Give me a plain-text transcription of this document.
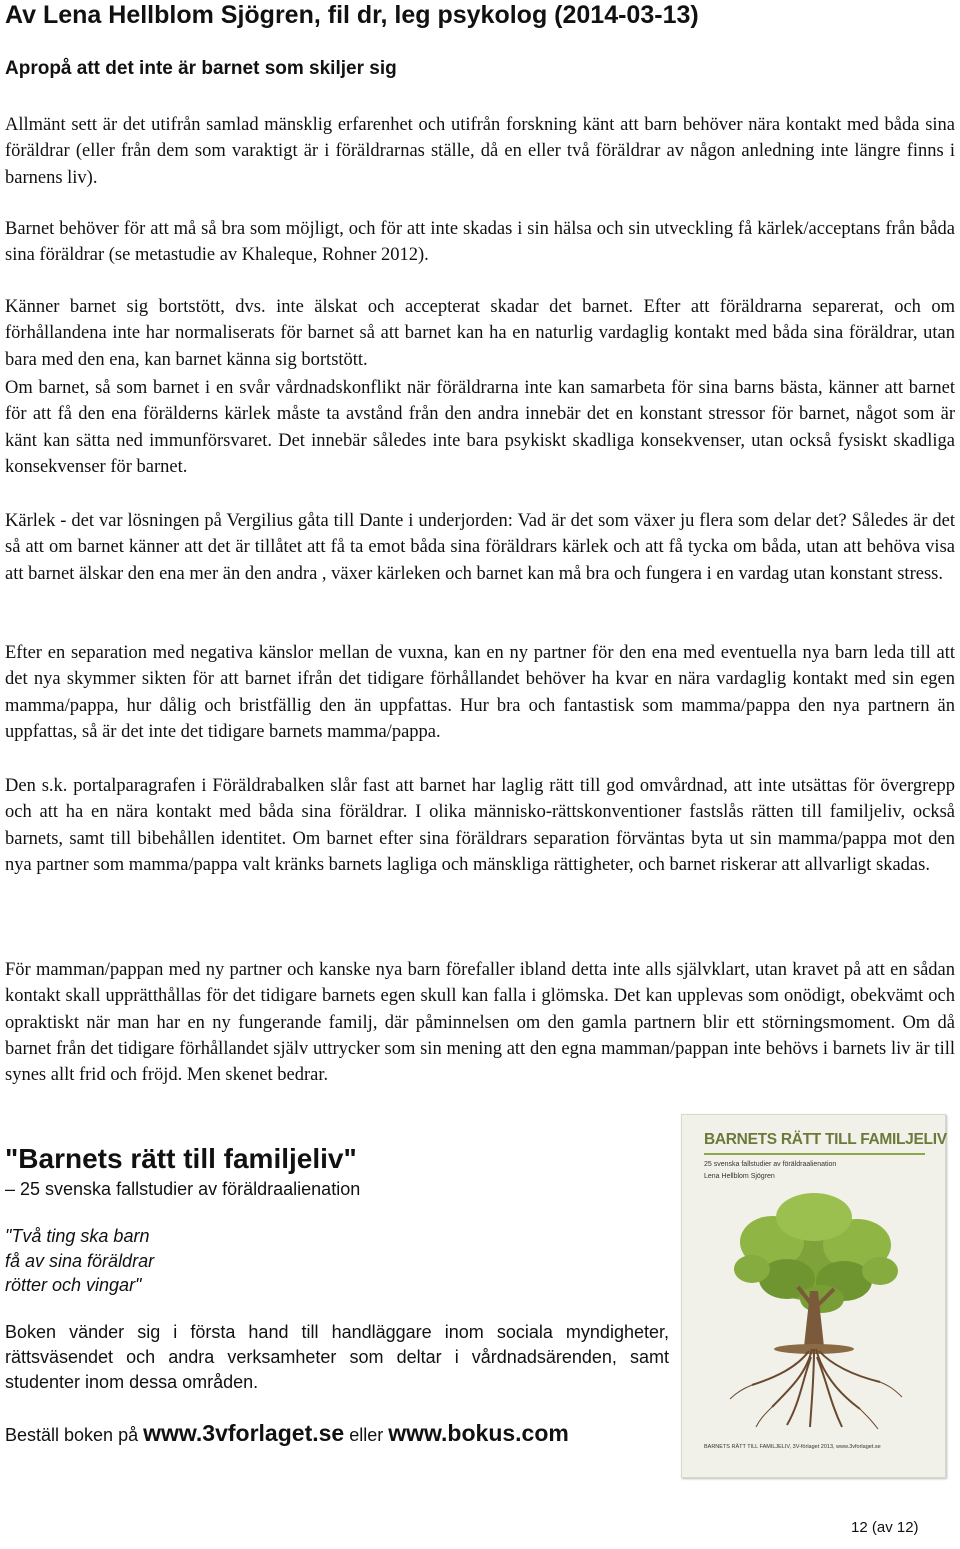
Av Lena Hellblom Sjögren, fil dr, leg psykolog (2014-03-13)
Apropå att det inte är barnet som skiljer sig

Allmänt sett är det utifrån samlad mänsklig erfarenhet och utifrån forskning känt att barn behöver nära kontakt med båda sina föräldrar (eller från dem som varaktigt är i föräldrarnas ställe, då en eller två föräldrar av någon anledning inte längre finns i barnens liv).

Barnet behöver för att må så bra som möjligt, och för att inte skadas i sin hälsa och sin utveckling få kärlek/acceptans från båda sina föräldrar (se metastudie av Khaleque, Rohner 2012).

Känner barnet sig bortstött, dvs. inte älskat och accepterat skadar det barnet. Efter att föräldrarna separerat, och om förhållandena inte har normaliserats för barnet så att barnet kan ha en naturlig vardaglig kontakt med båda sina föräldrar, utan bara med den ena, kan barnet känna sig bortstött.

Om barnet, så som barnet i en svår vårdnadskonflikt när föräldrarna inte kan samarbeta för sina barns bästa, känner att barnet för att få den ena förälderns kärlek måste ta avstånd från den andra innebär det en konstant stressor för barnet, något som är känt kan sätta ned immunförsvaret. Det innebär således inte bara psykiskt skadliga konsekvenser, utan också fysiskt skadliga konsekvenser för barnet.

Kärlek - det var lösningen på Vergilius gåta till Dante i underjorden: Vad är det som växer ju flera som delar det? Således är det så att om barnet känner att det är tillåtet att få ta emot båda sina föräldrars kärlek och att få tycka om båda, utan att behöva visa att barnet älskar den ena mer än den andra , växer kärleken och barnet kan må bra och fungera i en vardag utan konstant stress.

Efter en separation med negativa känslor mellan de vuxna, kan en ny partner för den ena med eventuella nya barn leda till att det nya skymmer sikten för att barnet ifrån det tidigare förhållandet behöver ha kvar en nära vardaglig kontakt med sin egen mamma/pappa, hur dålig och bristfällig den än uppfattas. Hur bra och fantastisk som mamma/pappa den nya partnern än uppfattas, så är det inte det tidigare barnets mamma/pappa.

Den s.k. portalparagrafen i Föräldrabalken slår fast att barnet har laglig rätt till god omvårdnad, att inte utsättas för övergrepp och att ha en nära kontakt med båda sina föräldrar. I olika människo-rättskonventioner fastslås rätten till familjeliv, också barnets, samt till bibehållen identitet. Om barnet efter sina föräldrars separation förväntas byta ut sin mamma/pappa mot den nya partner som mamma/pappa valt kränks barnets lagliga och mänskliga rättigheter, och barnet riskerar att allvarligt skadas.

För mamman/pappan med ny partner och kanske nya barn förefaller ibland detta inte alls självklart, utan kravet på att en sådan kontakt skall upprätthållas för det tidigare barnets egen skull kan falla i glömska. Det kan upplevas som onödigt, obekvämt och opraktiskt när man har en ny fungerande familj, där påminnelsen om den gamla partnern blir ett störningsmoment. Om då barnet från det tidigare förhållandet själv uttrycker som sin mening att den egna mamman/pappan inte behövs i barnets liv är till synes allt frid och fröjd. Men skenet bedrar.

"Barnets rätt till familjeliv"
– 25 svenska fallstudier av föräldraalienation
"Två ting ska barn
få av sina föräldrar
rötter och vingar"

Boken vänder sig i första hand till handläggare inom sociala myndigheter, rättsväsendet och andra verksamheter som deltar i vårdnadsärenden, samt studenter inom dessa områden.

Beställ boken på www.3vforlaget.se eller www.bokus.com
BARNETS RÄTT TILL FAMILJELIV
25 svenska fallstudier av föräldraalienation
Lena Hellblom Sjögren
BARNETS RÄTT TILL FAMILJELIV, 3V-förlaget 2013, www.3vforlaget.se
12 (av 12)
